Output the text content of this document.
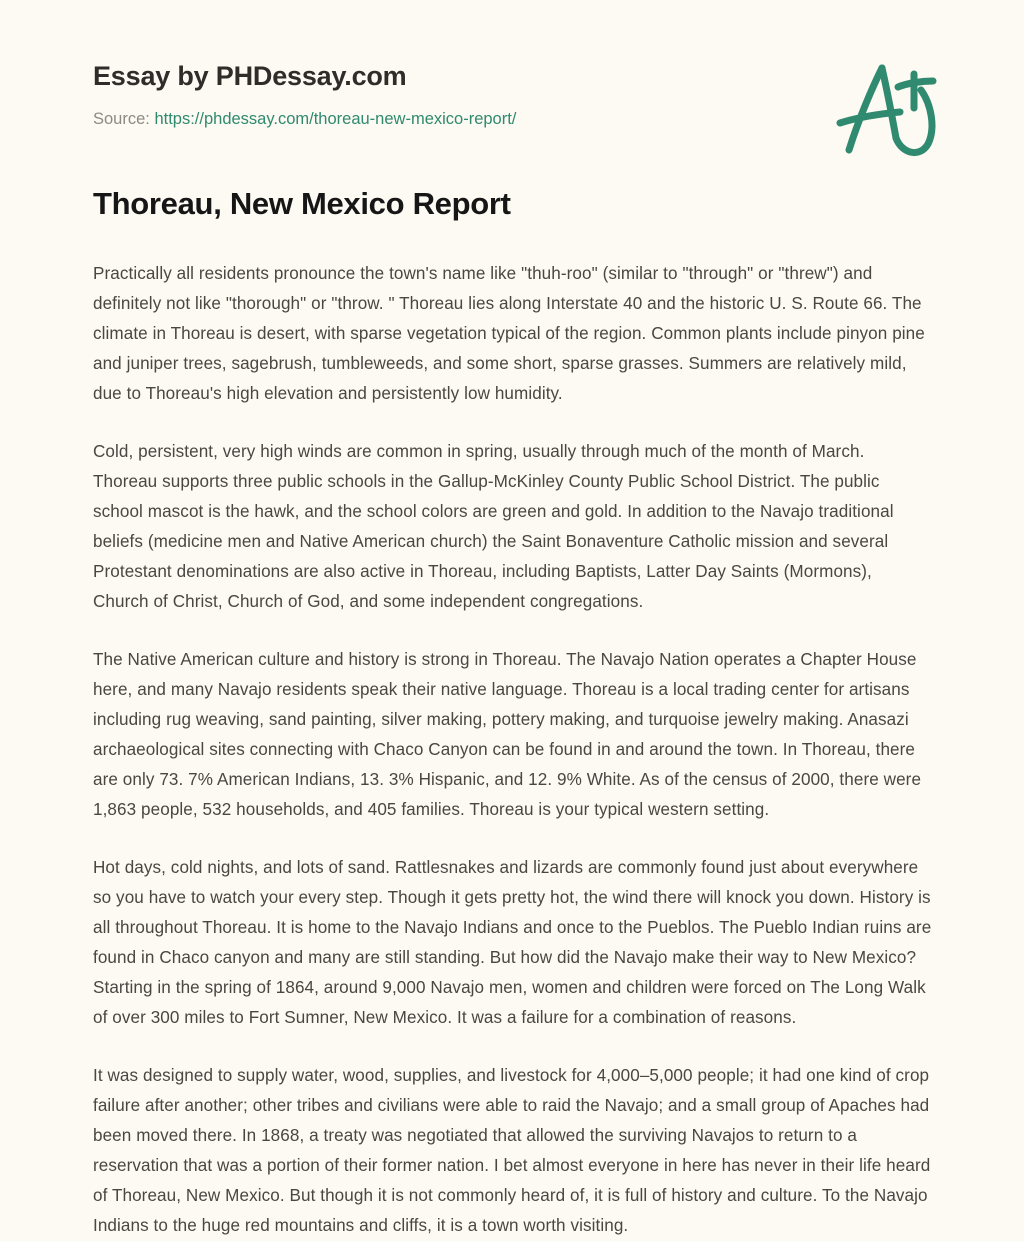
Essay by PHDessay.com
Source: https://phdessay.com/thoreau-new-mexico-report/
Thoreau, New Mexico Report

Practically all residents pronounce the town's name like "thuh-roo" (similar to "through" or "threw") and definitely not like "thorough" or "throw. " Thoreau lies along Interstate 40 and the historic U. S. Route 66. The climate in Thoreau is desert, with sparse vegetation typical of the region. Common plants include pinyon pine and juniper trees, sagebrush, tumbleweeds, and some short, sparse grasses. Summers are relatively mild, due to Thoreau's high elevation and persistently low humidity.

Cold, persistent, very high winds are common in spring, usually through much of the month of March. Thoreau supports three public schools in the Gallup-McKinley County Public School District. The public school mascot is the hawk, and the school colors are green and gold. In addition to the Navajo traditional beliefs (medicine men and Native American church) the Saint Bonaventure Catholic mission and several Protestant denominations are also active in Thoreau, including Baptists, Latter Day Saints (Mormons), Church of Christ, Church of God, and some independent congregations.

The Native American culture and history is strong in Thoreau. The Navajo Nation operates a Chapter House here, and many Navajo residents speak their native language. Thoreau is a local trading center for artisans including rug weaving, sand painting, silver making, pottery making, and turquoise jewelry making. Anasazi archaeological sites connecting with Chaco Canyon can be found in and around the town. In Thoreau, there are only 73. 7% American Indians, 13. 3% Hispanic, and 12. 9% White. As of the census of 2000, there were 1,863 people, 532 households, and 405 families. Thoreau is your typical western setting.

Hot days, cold nights, and lots of sand. Rattlesnakes and lizards are commonly found just about everywhere so you have to watch your every step. Though it gets pretty hot, the wind there will knock you down. History is all throughout Thoreau. It is home to the Navajo Indians and once to the Pueblos. The Pueblo Indian ruins are found in Chaco canyon and many are still standing. But how did the Navajo make their way to New Mexico? Starting in the spring of 1864, around 9,000 Navajo men, women and children were forced on The Long Walk of over 300 miles to Fort Sumner, New Mexico. It was a failure for a combination of reasons.

It was designed to supply water, wood, supplies, and livestock for 4,000–5,000 people; it had one kind of crop failure after another; other tribes and civilians were able to raid the Navajo; and a small group of Apaches had been moved there. In 1868, a treaty was negotiated that allowed the surviving Navajos to return to a reservation that was a portion of their former nation. I bet almost everyone in here has never in their life heard of Thoreau, New Mexico. But though it is not commonly heard of, it is full of history and culture. To the Navajo Indians to the huge red mountains and cliffs, it is a town worth visiting.
